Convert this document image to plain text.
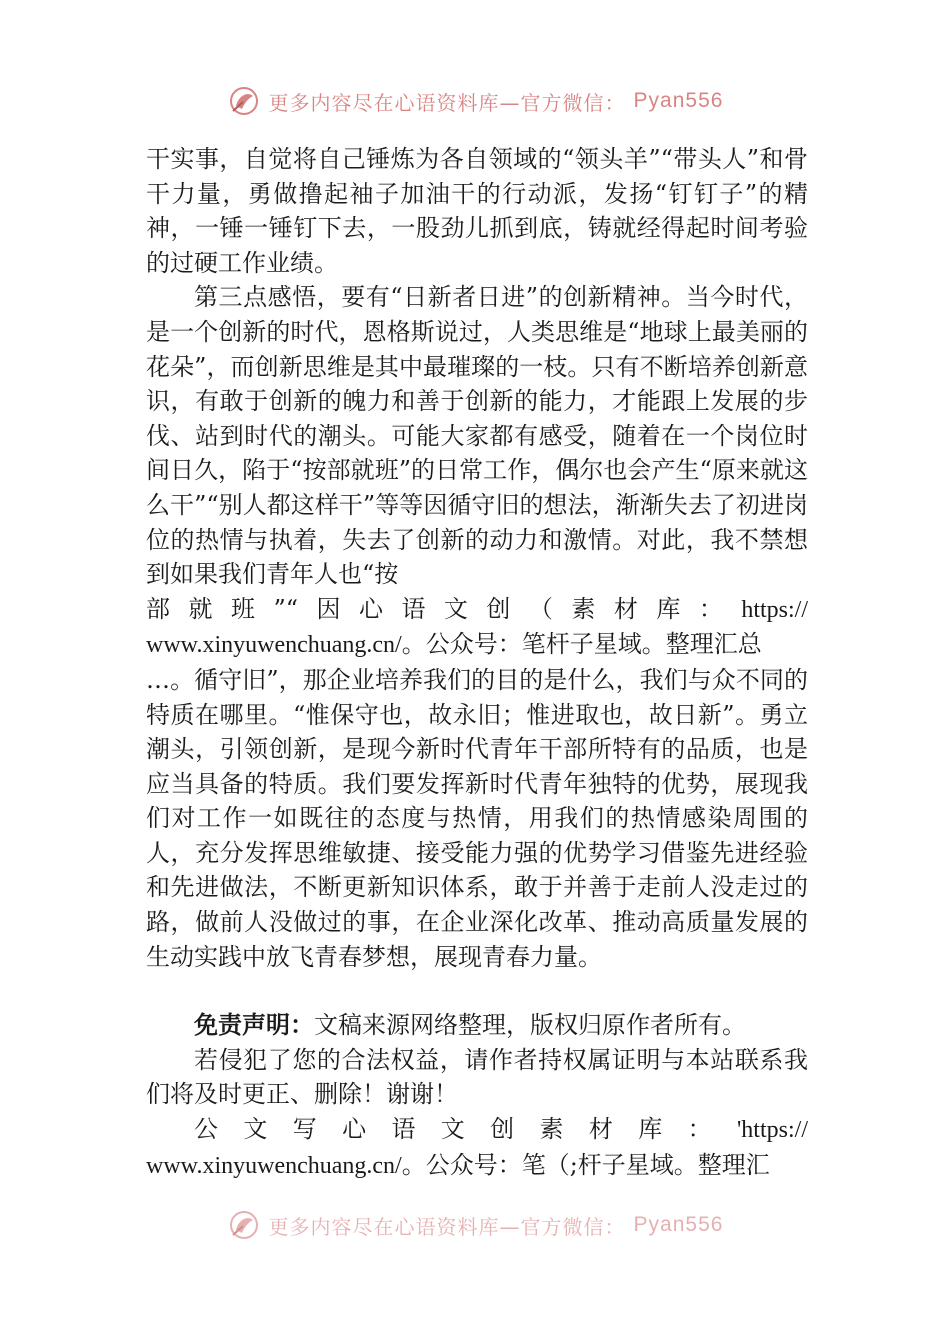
更多内容尽在心语资料库—官方微信： Pyan556

干实事，自觉将自己锤炼为各自领域的“领头羊”“带头人”和骨干力量，勇做撸起袖子加油干的行动派，发扬“钉钉子”的精神，一锤一锤钉下去，一股劲儿抓到底，铸就经得起时间考验的过硬工作业绩。

第三点感悟，要有“日新者日进”的创新精神。当今时代，是一个创新的时代，恩格斯说过，人类思维是“地球上最美丽的花朵”，而创新思维是其中最璀璨的一枝。只有不断培养创新意识，有敢于创新的魄力和善于创新的能力，才能跟上发展的步伐、站到时代的潮头。可能大家都有感受，随着在一个岗位时间日久，陷于“按部就班”的日常工作，偶尔也会产生“原来就这么干”“别人都这样干”等等因循守旧的想法，渐渐失去了初进岗位的热情与执着，失去了创新的动力和激情。对此，我不禁想到如果我们青年人也“按

部就班”“因心语文创（素材库：https://

www.xinyuwenchuang.cn/。公众号：笔杆子星域。整理汇总

…。循守旧”，那企业培养我们的目的是什么，我们与众不同的特质在哪里。“惟保守也，故永旧；惟进取也，故日新”。勇立潮头，引领创新，是现今新时代青年干部所特有的品质，也是应当具备的特质。我们要发挥新时代青年独特的优势，展现我们对工作一如既往的态度与热情，用我们的热情感染周围的人，充分发挥思维敏捷、接受能力强的优势学习借鉴先进经验和先进做法，不断更新知识体系，敢于并善于走前人没走过的路，做前人没做过的事，在企业深化改革、推动高质量发展的生动实践中放飞青春梦想，展现青春力量。

免责声明：文稿来源网络整理，版权归原作者所有。

若侵犯了您的合法权益，请作者持权属证明与本站联系我们将及时更正、删除！谢谢！

公文写心语文创素材库：'https://

www.xinyuwenchuang.cn/。公众号：笔（;杆子星域。整理汇

更多内容尽在心语资料库—官方微信： Pyan556
